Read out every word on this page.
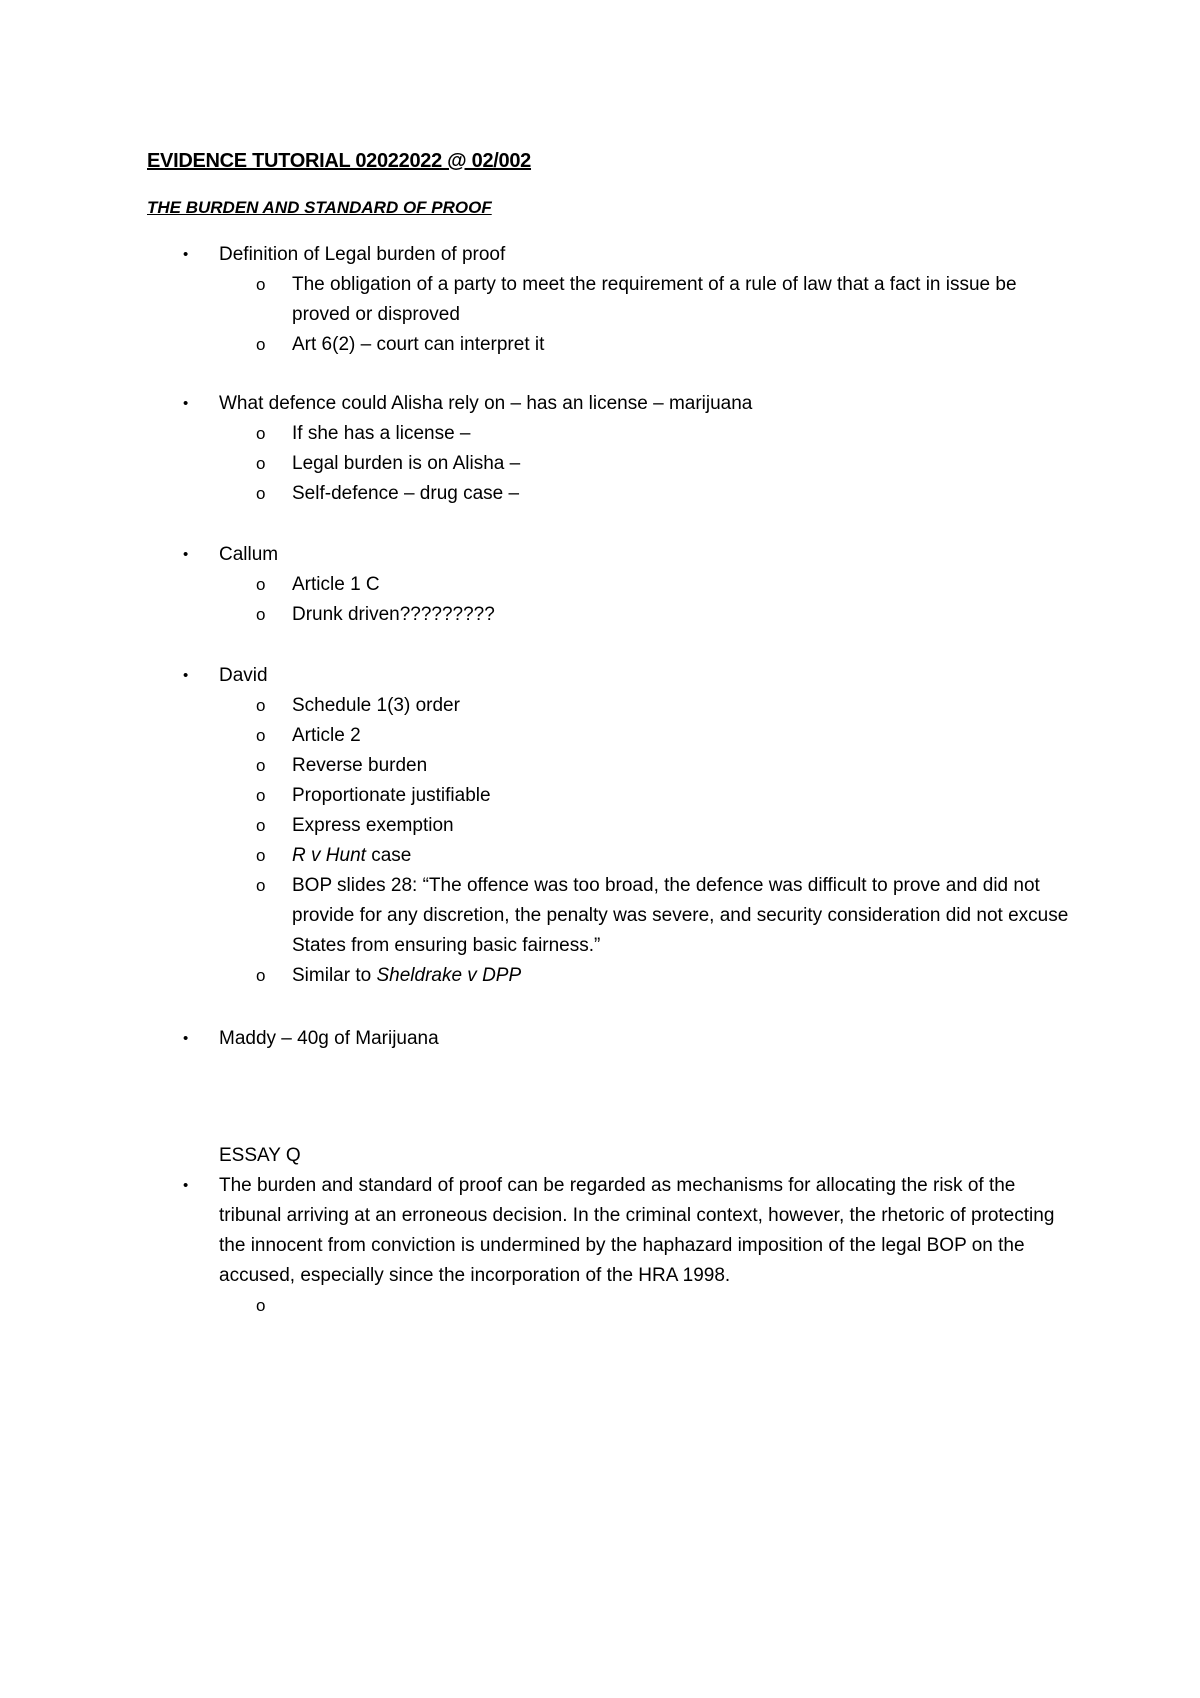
EVIDENCE TUTORIAL 02022022 @ 02/002
THE BURDEN AND STANDARD OF PROOF
• Definition of Legal burden of proof
o The obligation of a party to meet the requirement of a rule of law that a fact in issue be proved or disproved
o Art 6(2) – court can interpret it
• What defence could Alisha rely on – has an license – marijuana
o If she has a license –
o Legal burden is on Alisha –
o Self-defence – drug case –
• Callum
o Article 1 C
o Drunk driven?????????
• David
o Schedule 1(3) order
o Article 2
o Reverse burden
o Proportionate justifiable
o Express exemption
o R v Hunt case
o BOP slides 28: “The offence was too broad, the defence was difficult to prove and did not provide for any discretion, the penalty was severe, and security consideration did not excuse States from ensuring basic fairness.”
o Similar to Sheldrake v DPP
• Maddy – 40g of Marijuana
ESSAY Q
• The burden and standard of proof can be regarded as mechanisms for allocating the risk of the tribunal arriving at an erroneous decision. In the criminal context, however, the rhetoric of protecting the innocent from conviction is undermined by the haphazard imposition of the legal BOP on the accused, especially since the incorporation of the HRA 1998.
o
